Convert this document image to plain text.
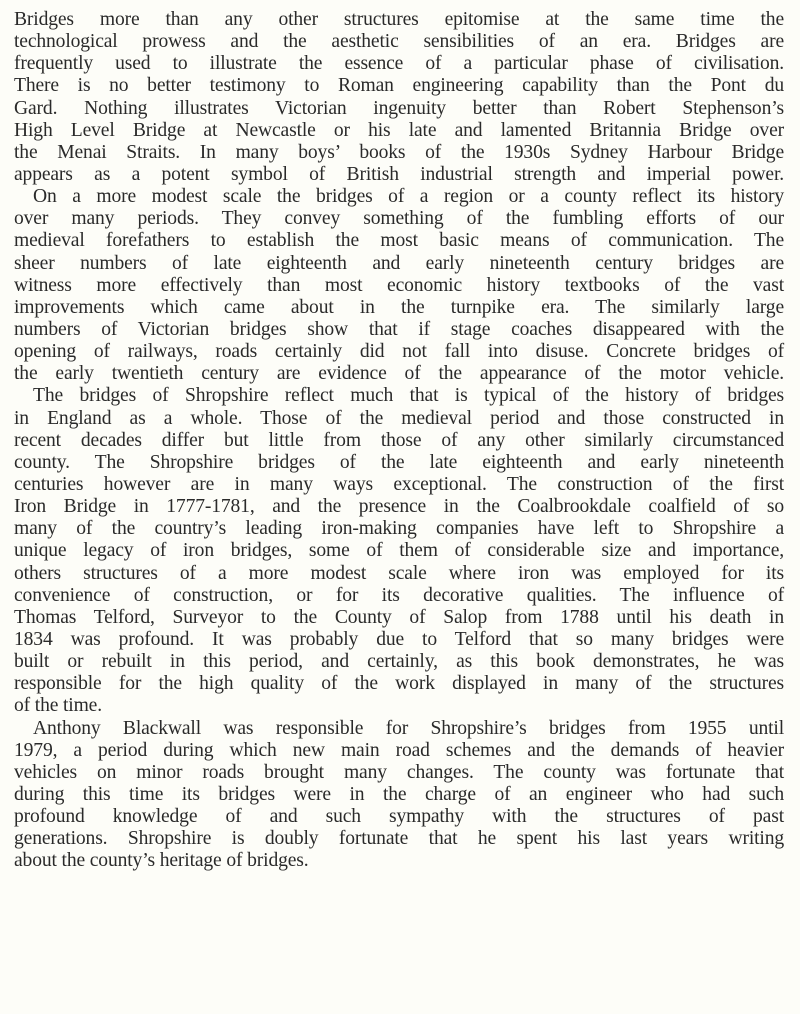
Bridges more than any other structures epitomise at the same time the
technological prowess and the aesthetic sensibilities of an era. Bridges are
frequently used to illustrate the essence of a particular phase of civilisation.
There is no better testimony to Roman engineering capability than the Pont du
Gard. Nothing illustrates Victorian ingenuity better than Robert Stephenson’s
High Level Bridge at Newcastle or his late and lamented Britannia Bridge over
the Menai Straits. In many boys’ books of the 1930s Sydney Harbour Bridge
appears as a potent symbol of British industrial strength and imperial power.
On a more modest scale the bridges of a region or a county reflect its history
over many periods. They convey something of the fumbling efforts of our
medieval forefathers to establish the most basic means of communication. The
sheer numbers of late eighteenth and early nineteenth century bridges are
witness more effectively than most economic history textbooks of the vast
improvements which came about in the turnpike era. The similarly large
numbers of Victorian bridges show that if stage coaches disappeared with the
opening of railways, roads certainly did not fall into disuse. Concrete bridges of
the early twentieth century are evidence of the appearance of the motor vehicle.
The bridges of Shropshire reflect much that is typical of the history of bridges
in England as a whole. Those of the medieval period and those constructed in
recent decades differ but little from those of any other similarly circumstanced
county. The Shropshire bridges of the late eighteenth and early nineteenth
centuries however are in many ways exceptional. The construction of the first
Iron Bridge in 1777-1781, and the presence in the Coalbrookdale coalfield of so
many of the country’s leading iron-making companies have left to Shropshire a
unique legacy of iron bridges, some of them of considerable size and importance,
others structures of a more modest scale where iron was employed for its
convenience of construction, or for its decorative qualities. The influence of
Thomas Telford, Surveyor to the County of Salop from 1788 until his death in
1834 was profound. It was probably due to Telford that so many bridges were
built or rebuilt in this period, and certainly, as this book demonstrates, he was
responsible for the high quality of the work displayed in many of the structures
of the time.
Anthony Blackwall was responsible for Shropshire’s bridges from 1955 until
1979, a period during which new main road schemes and the demands of heavier
vehicles on minor roads brought many changes. The county was fortunate that
during this time its bridges were in the charge of an engineer who had such
profound knowledge of and such sympathy with the structures of past
generations. Shropshire is doubly fortunate that he spent his last years writing
about the county’s heritage of bridges.
